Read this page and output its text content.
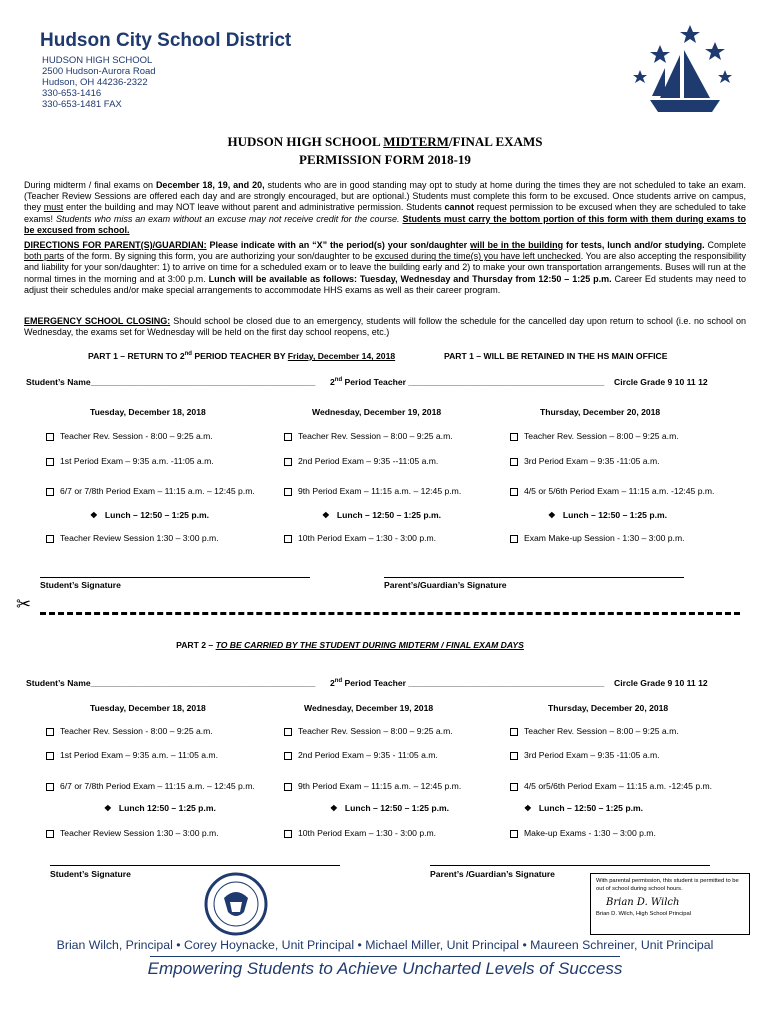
Hudson City School District
HUDSON HIGH SCHOOL
2500 Hudson-Aurora Road
Hudson, OH 44236-2322
330-653-1416
330-653-1481 FAX
HUDSON HIGH SCHOOL MIDTERM/FINAL EXAMS
PERMISSION FORM 2018-19
During midterm / final exams on December 18, 19, and 20, students who are in good standing may opt to study at home during the times they are not scheduled to take an exam. (Teacher Review Sessions are offered each day and are strongly encouraged, but are optional.) Students must complete this form to be excused. Once students arrive on campus, they must enter the building and may NOT leave without parent and administrative permission. Students cannot request permission to be excused when they are scheduled to take exams! Students who miss an exam without an excuse may not receive credit for the course. Students must carry the bottom portion of this form with them during exams to be excused from school.
DIRECTIONS FOR PARENT(S)/GUARDIAN: Please indicate with an “X” the period(s) your son/daughter will be in the building for tests, lunch and/or studying. Complete both parts of the form. By signing this form, you are authorizing your son/daughter to be excused during the time(s) you have left unchecked. You are also accepting the responsibility and liability for your son/daughter: 1) to arrive on time for a scheduled exam or to leave the building early and 2) to make your own transportation arrangements. Buses will run at the normal times in the morning and at 3:00 p.m. Lunch will be available as follows: Tuesday, Wednesday and Thursday from 12:50 – 1:25 p.m. Career Ed students may need to adjust their schedules and/or make special arrangements to accommodate HHS exams as well as their career program.
EMERGENCY SCHOOL CLOSING: Should school be closed due to an emergency, students will follow the schedule for the cancelled day upon return to school (i.e. no school on Wednesday, the exams set for Wednesday will be held on the first day school reopens, etc.)
PART 1 – RETURN TO 2nd PERIOD TEACHER BY Friday, December 14, 2018	PART 1 – WILL BE RETAINED IN THE HS MAIN OFFICE
Student’s Name_______________________________________________ 2nd Period Teacher _________________________________________ Circle Grade 9 10 11 12
Tuesday, December 18, 2018	Wednesday, December 19, 2018	Thursday, December 20, 2018
Teacher Rev. Session - 8:00 – 9:25 a.m.	Teacher Rev. Session – 8:00 – 9:25 a.m.	Teacher Rev. Session – 8:00 – 9:25 a.m.
1st Period Exam – 9:35 a.m. -11:05 a.m.	2nd Period Exam – 9:35 --11:05 a.m.	3rd Period Exam – 9:35 -11:05 a.m.
6/7 or 7/8th Period Exam – 11:15 a.m. – 12:45 p.m.	9th Period Exam – 11:15 a.m. – 12:45 p.m.	4/5 or 5/6th Period Exam – 11:15 a.m. -12:45 p.m.
❖ Lunch – 12:50 – 1:25 p.m.	❖ Lunch – 12:50 – 1:25 p.m.	❖ Lunch – 12:50 – 1:25 p.m.
Teacher Review Session 1:30 – 3:00 p.m.	10th Period Exam – 1:30 - 3:00 p.m.	Exam Make-up Session - 1:30 – 3:00 p.m.
Student’s Signature	Parent’s/Guardian’s Signature
✂
PART 2 – TO BE CARRIED BY THE STUDENT DURING MIDTERM / FINAL EXAM DAYS
Student’s Name_______________________________________________ 2nd Period Teacher _________________________________________ Circle Grade 9 10 11 12
Tuesday, December 18, 2018	Wednesday, December 19, 2018	Thursday, December 20, 2018
Teacher Rev. Session - 8:00 – 9:25 a.m.	Teacher Rev. Session – 8:00 – 9:25 a.m.	Teacher Rev. Session – 8:00 – 9:25 a.m.
1st Period Exam – 9:35 a.m. – 11:05 a.m.	2nd Period Exam – 9:35 - 11:05 a.m.	3rd Period Exam – 9:35 -11:05 a.m.
6/7 or 7/8th Period Exam – 11:15 a.m. – 12:45 p.m.	9th Period Exam – 11:15 a.m. – 12:45 p.m.	4/5 or5/6th Period Exam – 11:15 a.m. -12:45 p.m.
❖ Lunch 12:50 – 1:25 p.m.	❖ Lunch – 12:50 – 1:25 p.m.	❖ Lunch – 12:50 – 1:25 p.m.
Teacher Review Session 1:30 – 3:00 p.m.	10th Period Exam – 1:30 - 3:00 p.m.	Make-up Exams - 1:30 – 3:00 p.m.
Student’s Signature	Parent’s /Guardian’s Signature
With parental permission, this student is permitted to be out of school during school hours.
Brian D. Wilch
Brian D. Wilch, High School Principal
Brian Wilch, Principal • Corey Hoynacke, Unit Principal • Michael Miller, Unit Principal • Maureen Schreiner, Unit Principal
Empowering Students to Achieve Uncharted Levels of Success
